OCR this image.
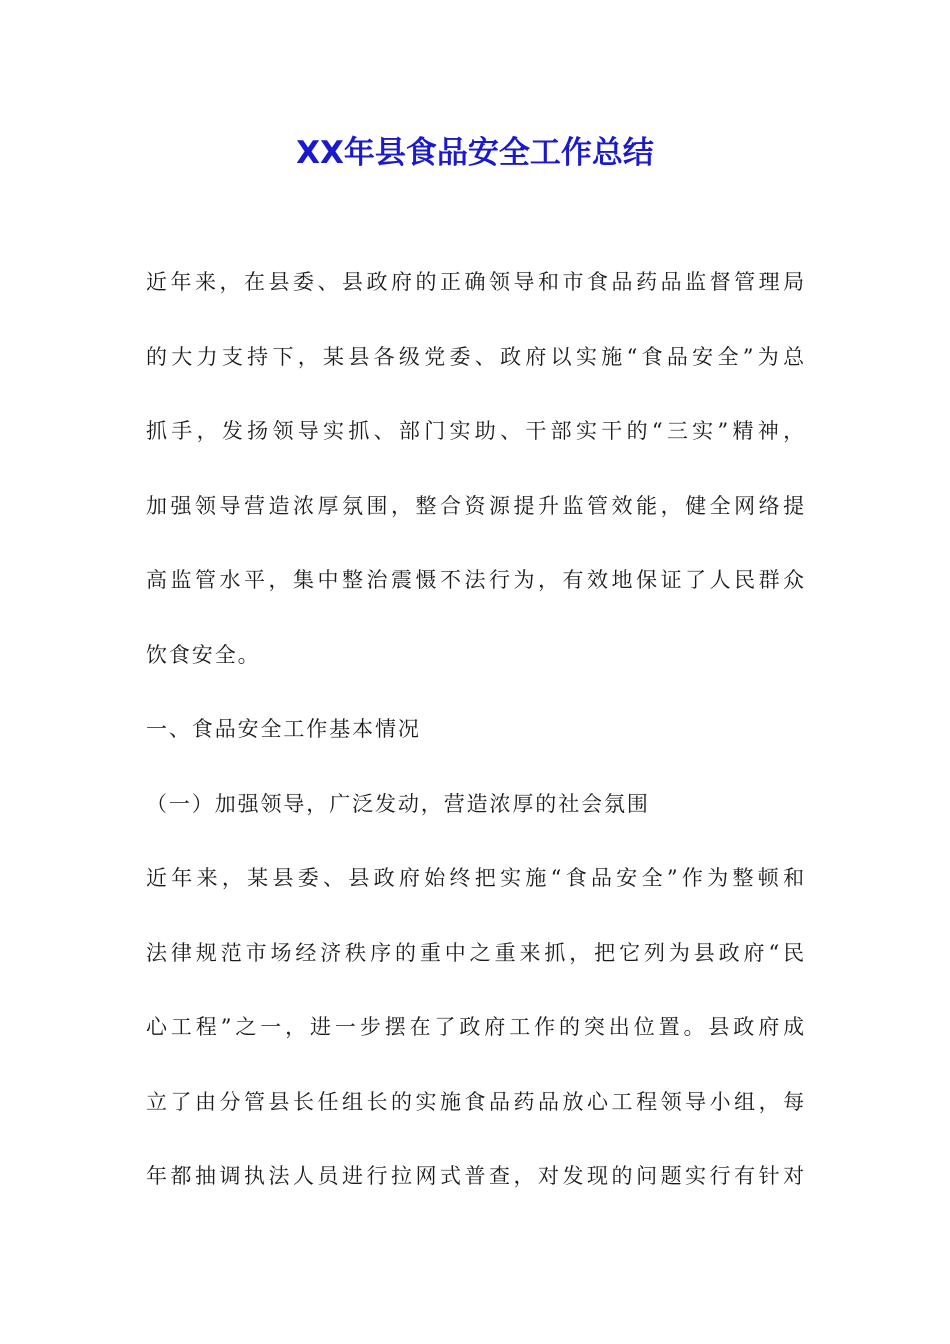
XX年县食品安全工作总结
近年来，在县委、县政府的正确领导和市食品药品监督管理局
的大力支持下，某县各级党委、政府以实施“食品安全”为总
抓手，发扬领导实抓、部门实助、干部实干的“三实”精神，
加强领导营造浓厚氛围，整合资源提升监管效能，健全网络提
高监管水平，集中整治震慑不法行为，有效地保证了人民群众
饮食安全。
一、食品安全工作基本情况
（一）加强领导，广泛发动，营造浓厚的社会氛围
近年来，某县委、县政府始终把实施“食品安全”作为整顿和
法律规范市场经济秩序的重中之重来抓，把它列为县政府“民
心工程”之一，进一步摆在了政府工作的突出位置。县政府成
立了由分管县长任组长的实施食品药品放心工程领导小组，每
年都抽调执法人员进行拉网式普查，对发现的问题实行有针对
